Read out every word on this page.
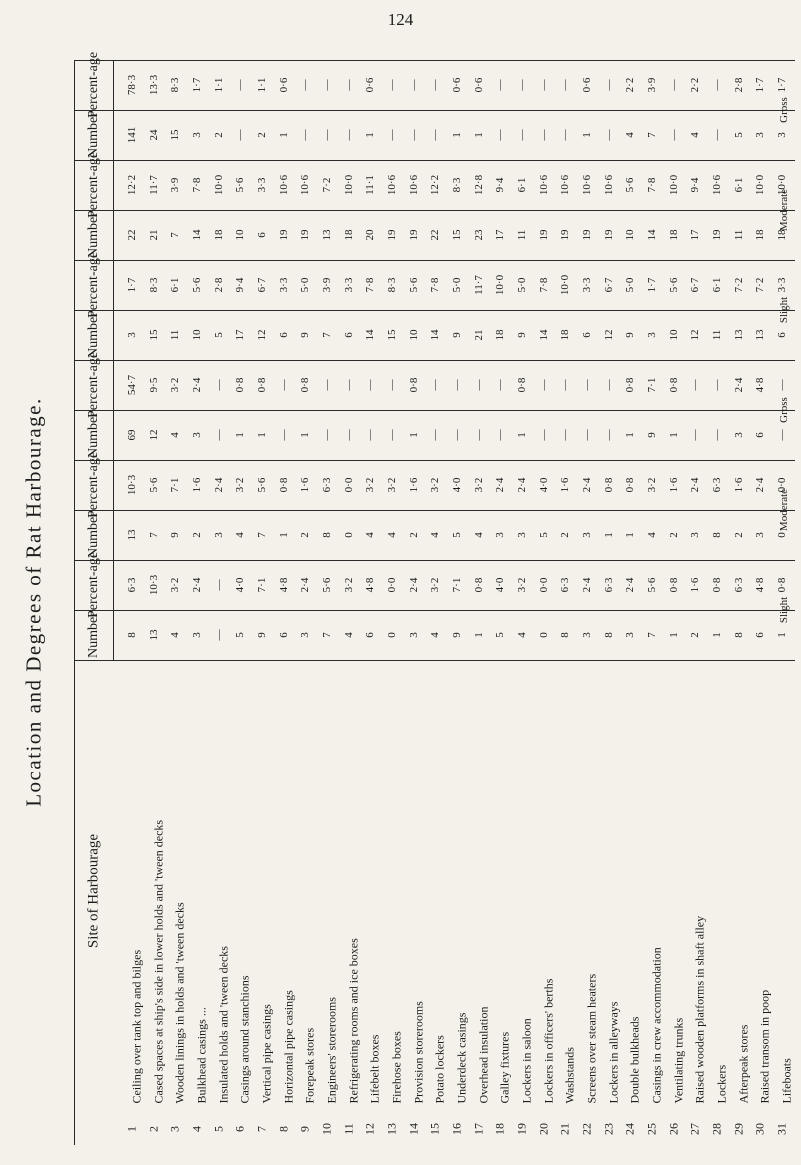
124
Location and Degrees of Rat Harbourage.
Percent-age 78·3 13·3 8·3 1·7 1·1 — 1·1 0·6 — — — 0·6 — — — 0·6 0·6 — — — — 0·6 — 2·2 3·9 — 2·2 — 2·8 1·7 1·7
Number 141 24 15 3 2 — 2 1 — — — 1 — — — 1 1 — — — — 1 — 4 7 — 4 — 5 3 3
Percent-age 12·2 11·7 3·9 7·8 10·0 5·6 3·3 10·6 10·6 7·2 10·0 11·1 10·6 10·6 12·2 8·3 12·8 9·4 6·1 10·6 10·6 10·6 10·6 5·6 7·8 10·0 9·4 10·6 6·1 10·0 10·0
Number 22 21 7 14 18 10 6 19 19 13 18 20 19 19 22 15 23 17 11 19 19 19 19 10 14 18 17 19 11 18 18
Percent-age 1·7 8·3 6·1 5·6 2·8 9·4 6·7 3·3 5·0 3·9 3·3 7·8 8·3 5·6 7·8 5·0 11·7 10·0 5·0 7·8 10·0 3·3 6·7 5·0 1·7 5·6 6·7 6·1 7·2 7·2 3·3
Number 3 15 11 10 5 17 12 6 9 7 6 14 15 10 14 9 21 18 9 14 18 6 12 9 3 10 12 11 13 13 6
Percent-age 54·7 9·5 3·2 2·4 — 0·8 0·8 — 0·8 — — — — 0·8 — — — — 0·8 — — — — 0·8 7·1 0·8 — — 2·4 4·8 —
Number 69 12 4 3 — 1 1 — 1 — — — — 1 — — — — 1 — — — — 1 9 1 — — 3 6 —
Percent-age 10·3 5·6 7·1 1·6 2·4 3·2 5·6 0·8 1·6 6·3 0·0 3·2 3·2 1·6 3·2 4·0 3·2 2·4 2·4 4·0 1·6 2·4 0·8 0·8 3·2 1·6 2·4 6·3 1·6 2·4 0·0
Number 13 7 9 2 3 4 7 1 2 8 0 4 4 2 4 5 4 3 3 5 2 3 1 1 4 2 3 8 2 3 0
Percent-age 6·3 10·3 3·2 2·4 — 4·0 7·1 4·8 2·4 5·6 3·2 4·8 0·0 2·4 3·2 7·1 0·8 4·0 3·2 0·0 6·3 2·4 6·3 2·4 5·6 0·8 1·6 0·8 6·3 4·8 0·8
Number 8 13 4 3 — 5 9 6 3 7 4 6 0 3 4 9 1 5 4 0 8 3 8 3 7 1 2 1 8 6 1
Site of Harbourage
Ceiling over tank top and bilges
1
Cased spaces at ship's side in lower holds and 'tween decks
2
Wooden linings in holds and 'tween decks
3
Bulkhead casings ...
4
Insulated holds and 'tween decks
5
Casings around stanchions
6
Vertical pipe casings
7
Horizontal pipe casings
8
Forepeak stores
9
Engineers' storerooms
10
Refrigerating rooms and ice boxes
11
Lifebelt boxes
12
Firehose boxes
13
Provision storerooms
14
Potato lockers
15
Underdeck casings
16
Overhead insulation
17
Galley fixtures
18
Lockers in saloon
19
Lockers in officers' berths
20
Washstands
21
Screens over steam heaters
22
Lockers in alleyways
23
Double bulkheads
24
Casings in crew accommodation
25
Ventilating trunks
26
Raised wooden platforms in shaft alley
27
Lockers
28
Afterpeak stores
29
Raised transom in poop
30
Lifeboats
31
Gross
Moderate
Slight
Gross
Moderate
Slight
